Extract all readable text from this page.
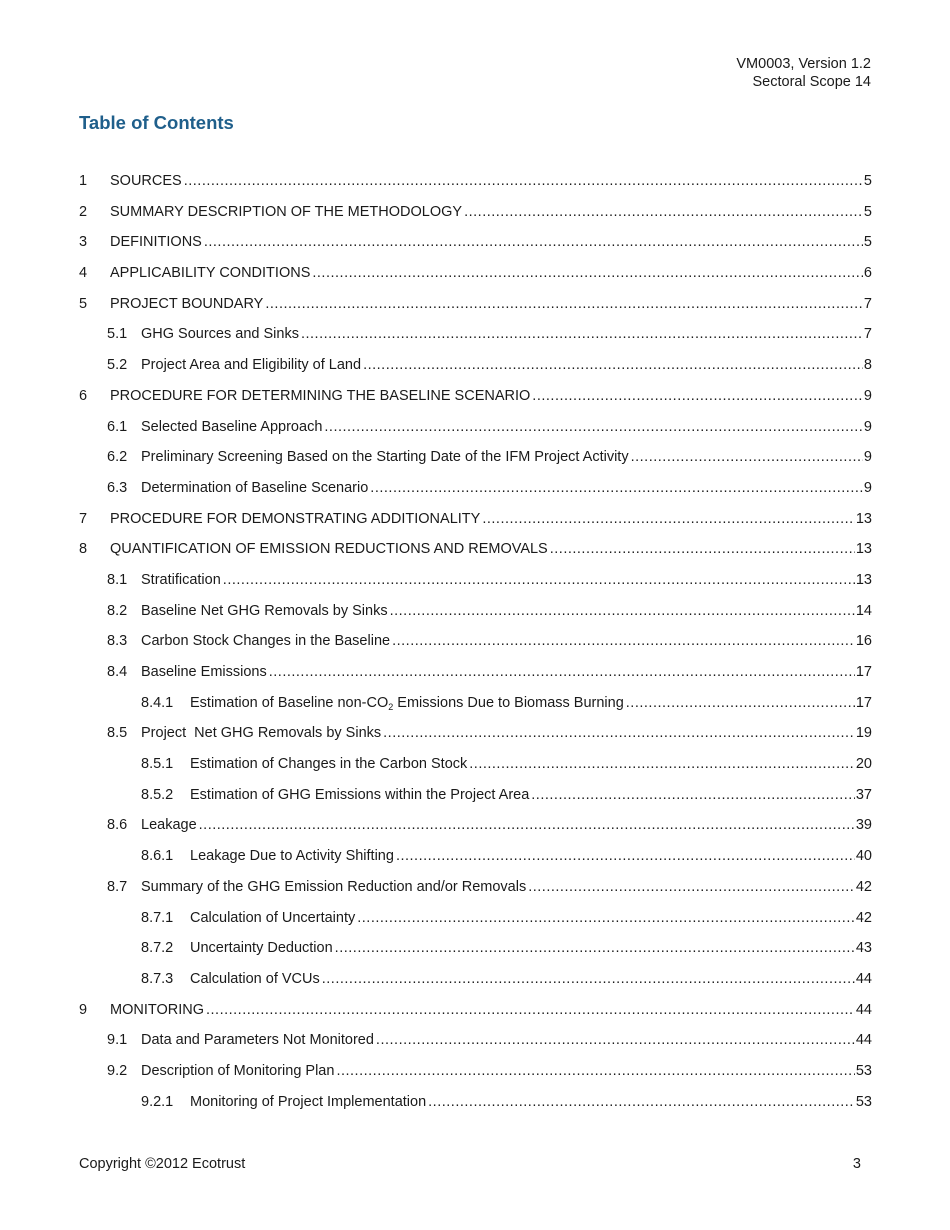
VM0003, Version 1.2
Sectoral Scope 14
Table of Contents
1	SOURCES .....	5
2	SUMMARY DESCRIPTION OF THE METHODOLOGY .....	5
3	DEFINITIONS .....	5
4	APPLICABILITY CONDITIONS .....	6
5	PROJECT BOUNDARY .....	7
5.1 GHG Sources and Sinks .....	7
5.2 Project Area and Eligibility of Land .....	8
6	PROCEDURE FOR DETERMINING THE BASELINE SCENARIO .....	9
6.1 Selected Baseline Approach .....	9
6.2 Preliminary Screening Based on the Starting Date of the IFM Project Activity .....	9
6.3 Determination of Baseline Scenario .....	9
7	PROCEDURE FOR DEMONSTRATING ADDITIONALITY .....	13
8	QUANTIFICATION OF EMISSION REDUCTIONS AND REMOVALS .....	13
8.1 Stratification .....	13
8.2 Baseline Net GHG Removals by Sinks .....	14
8.3 Carbon Stock Changes in the Baseline .....	16
8.4 Baseline Emissions .....	17
8.4.1	Estimation of Baseline non-$CO_2$ Emissions Due to Biomass Burning .....	17
8.5 Project  Net GHG Removals by Sinks .....	19
8.5.1	Estimation of Changes in the Carbon Stock .....	20
8.5.2	Estimation of GHG Emissions within the Project Area .....	37
8.6 Leakage .....	39
8.6.1	Leakage Due to Activity Shifting .....	40
8.7 Summary of the GHG Emission Reduction and/or Removals .....	42
8.7.1	Calculation of Uncertainty .....	42
8.7.2	Uncertainty Deduction .....	43
8.7.3	Calculation of VCUs .....	44
9	MONITORING .....	44
9.1 Data and Parameters Not Monitored .....	44
9.2 Description of Monitoring Plan .....	53
9.2.1	Monitoring of Project Implementation .....	53
Copyright ©2012 Ecotrust	3
